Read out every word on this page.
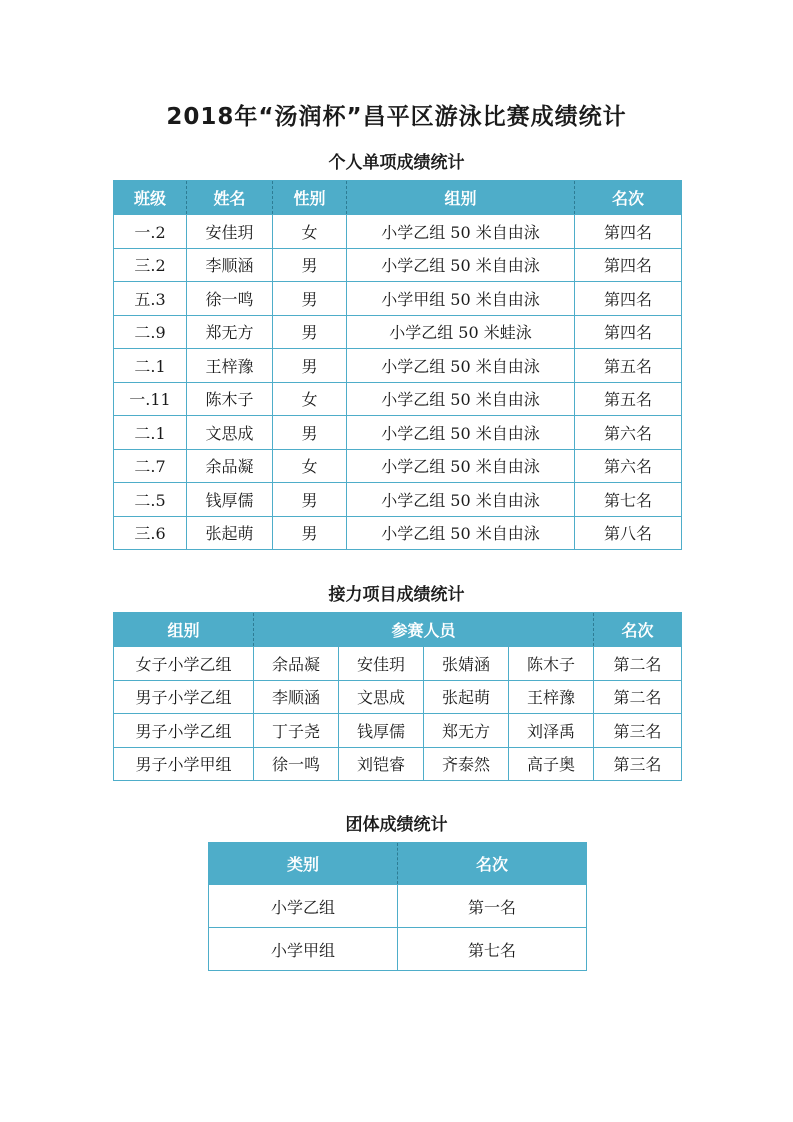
2018年“汤润杯”昌平区游泳比赛成绩统计
个人单项成绩统计
班级	姓名	性别	组别	名次
一.2	安佳玥	女	小学乙组 50 米自由泳	第四名
三.2	李顺涵	男	小学乙组 50 米自由泳	第四名
五.3	徐一鸣	男	小学甲组 50 米自由泳	第四名
二.9	郑无方	男	小学乙组 50 米蛙泳	第四名
二.1	王梓豫	男	小学乙组 50 米自由泳	第五名
一.11	陈木子	女	小学乙组 50 米自由泳	第五名
二.1	文思成	男	小学乙组 50 米自由泳	第六名
二.7	余品凝	女	小学乙组 50 米自由泳	第六名
二.5	钱厚儒	男	小学乙组 50 米自由泳	第七名
三.6	张起萌	男	小学乙组 50 米自由泳	第八名
接力项目成绩统计
组别	参赛人员				名次
女子小学乙组	余品凝	安佳玥	张婧涵	陈木子	第二名
男子小学乙组	李顺涵	文思成	张起萌	王梓豫	第二名
男子小学乙组	丁子尧	钱厚儒	郑无方	刘泽禹	第三名
男子小学甲组	徐一鸣	刘铠睿	齐泰然	高子奥	第三名
团体成绩统计
类别	名次
小学乙组	第一名
小学甲组	第七名
